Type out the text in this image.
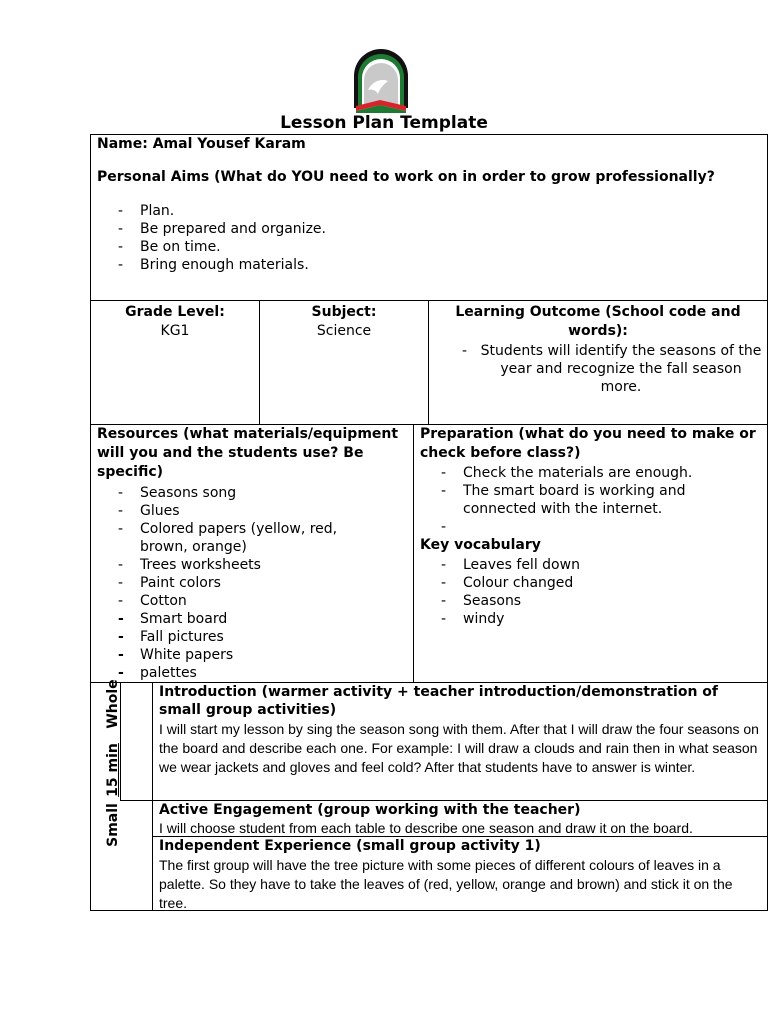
Lesson Plan Template
Name: Amal Yousef Karam
Personal Aims (What do YOU need to work on in order to grow professionally?
- Plan.
- Be prepared and organize.
- Be on time.
- Bring enough materials.
Grade Level:
KG1
Subject:
Science
Learning Outcome (School code and
words):
- Students will identify the seasons of the year and recognize the fall season more.
Resources (what materials/equipment
will you and the students use? Be
specific)
- Seasons song
- Glues
- Colored papers (yellow, red, brown, orange)
- Trees worksheets
- Paint colors
- Cotton
- Smart board
- Fall pictures
- White papers
- palettes
Preparation (what do you need to make or
check before class?)
- Check the materials are enough.
- The smart board is working and connected with the internet.
-
Key vocabulary
- Leaves fell down
- Colour changed
- Seasons
- windy
Whole
15 min
Small
Introduction (warmer activity + teacher introduction/demonstration of small group activities)
I will start my lesson by sing the season song with them. After that I will draw the four seasons on the board and describe each one. For example: I will draw a clouds and rain then in what season we wear jackets and gloves and feel cold? After that students have to answer is winter.
Active Engagement (group working with the teacher)
I will choose student from each table to describe one season and draw it on the board.
Independent Experience (small group activity 1)
The first group will have the tree picture with some pieces of different colours of leaves in a palette. So they have to take the leaves of (red, yellow, orange and brown) and stick it on the tree.
